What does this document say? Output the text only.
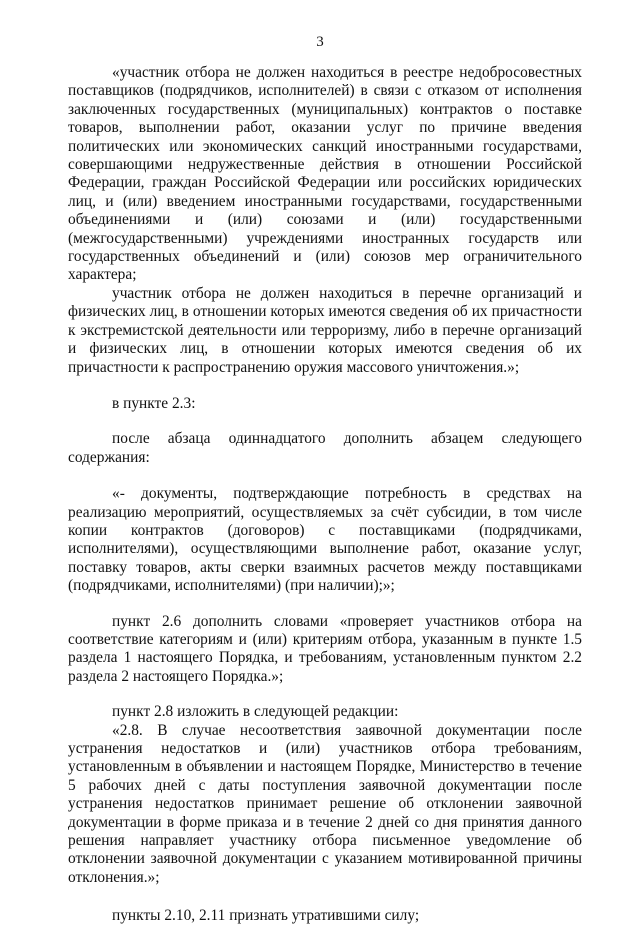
3

«участник отбора не должен находиться в реестре недобросовестных поставщиков (подрядчиков, исполнителей) в связи с отказом от исполнения заключенных государственных (муниципальных) контрактов о поставке товаров, выполнении работ, оказании услуг по причине введения политических или экономических санкций иностранными государствами, совершающими недружественные действия в отношении Российской Федерации, граждан Российской Федерации или российских юридических лиц, и (или) введением иностранными государствами, государственными объединениями и (или) союзами и (или) государственными (межгосударственными) учреждениями иностранных государств или государственных объединений и (или) союзов мер ограничительного характера;

участник отбора не должен находиться в перечне организаций и физических лиц, в отношении которых имеются сведения об их причастности к экстремистской деятельности или терроризму, либо в перечне организаций и физических лиц, в отношении которых имеются сведения об их причастности к распространению оружия массового уничтожения.»;

в пункте 2.3:

после абзаца одиннадцатого дополнить абзацем следующего содержания:

«- документы, подтверждающие потребность в средствах на реализацию мероприятий, осуществляемых за счёт субсидии, в том числе копии контрактов (договоров) с поставщиками (подрядчиками, исполнителями), осуществляющими выполнение работ, оказание услуг, поставку товаров, акты сверки взаимных расчетов между поставщиками (подрядчиками, исполнителями) (при наличии);»;

пункт 2.6 дополнить словами «проверяет участников отбора на соответствие категориям и (или) критериям отбора, указанным в пункте 1.5 раздела 1 настоящего Порядка, и требованиям, установленным пунктом 2.2 раздела 2 настоящего Порядка.»;

пункт 2.8 изложить в следующей редакции:

«2.8. В случае несоответствия заявочной документации после устранения недостатков и (или) участников отбора требованиям, установленным в объявлении и настоящем Порядке, Министерство в течение 5 рабочих дней с даты поступления заявочной документации после устранения недостатков принимает решение об отклонении заявочной документации в форме приказа и в течение 2 дней со дня принятия данного решения направляет участнику отбора письменное уведомление об отклонении заявочной документации с указанием мотивированной причины отклонения.»;

пункты 2.10, 2.11 признать утратившими силу;
